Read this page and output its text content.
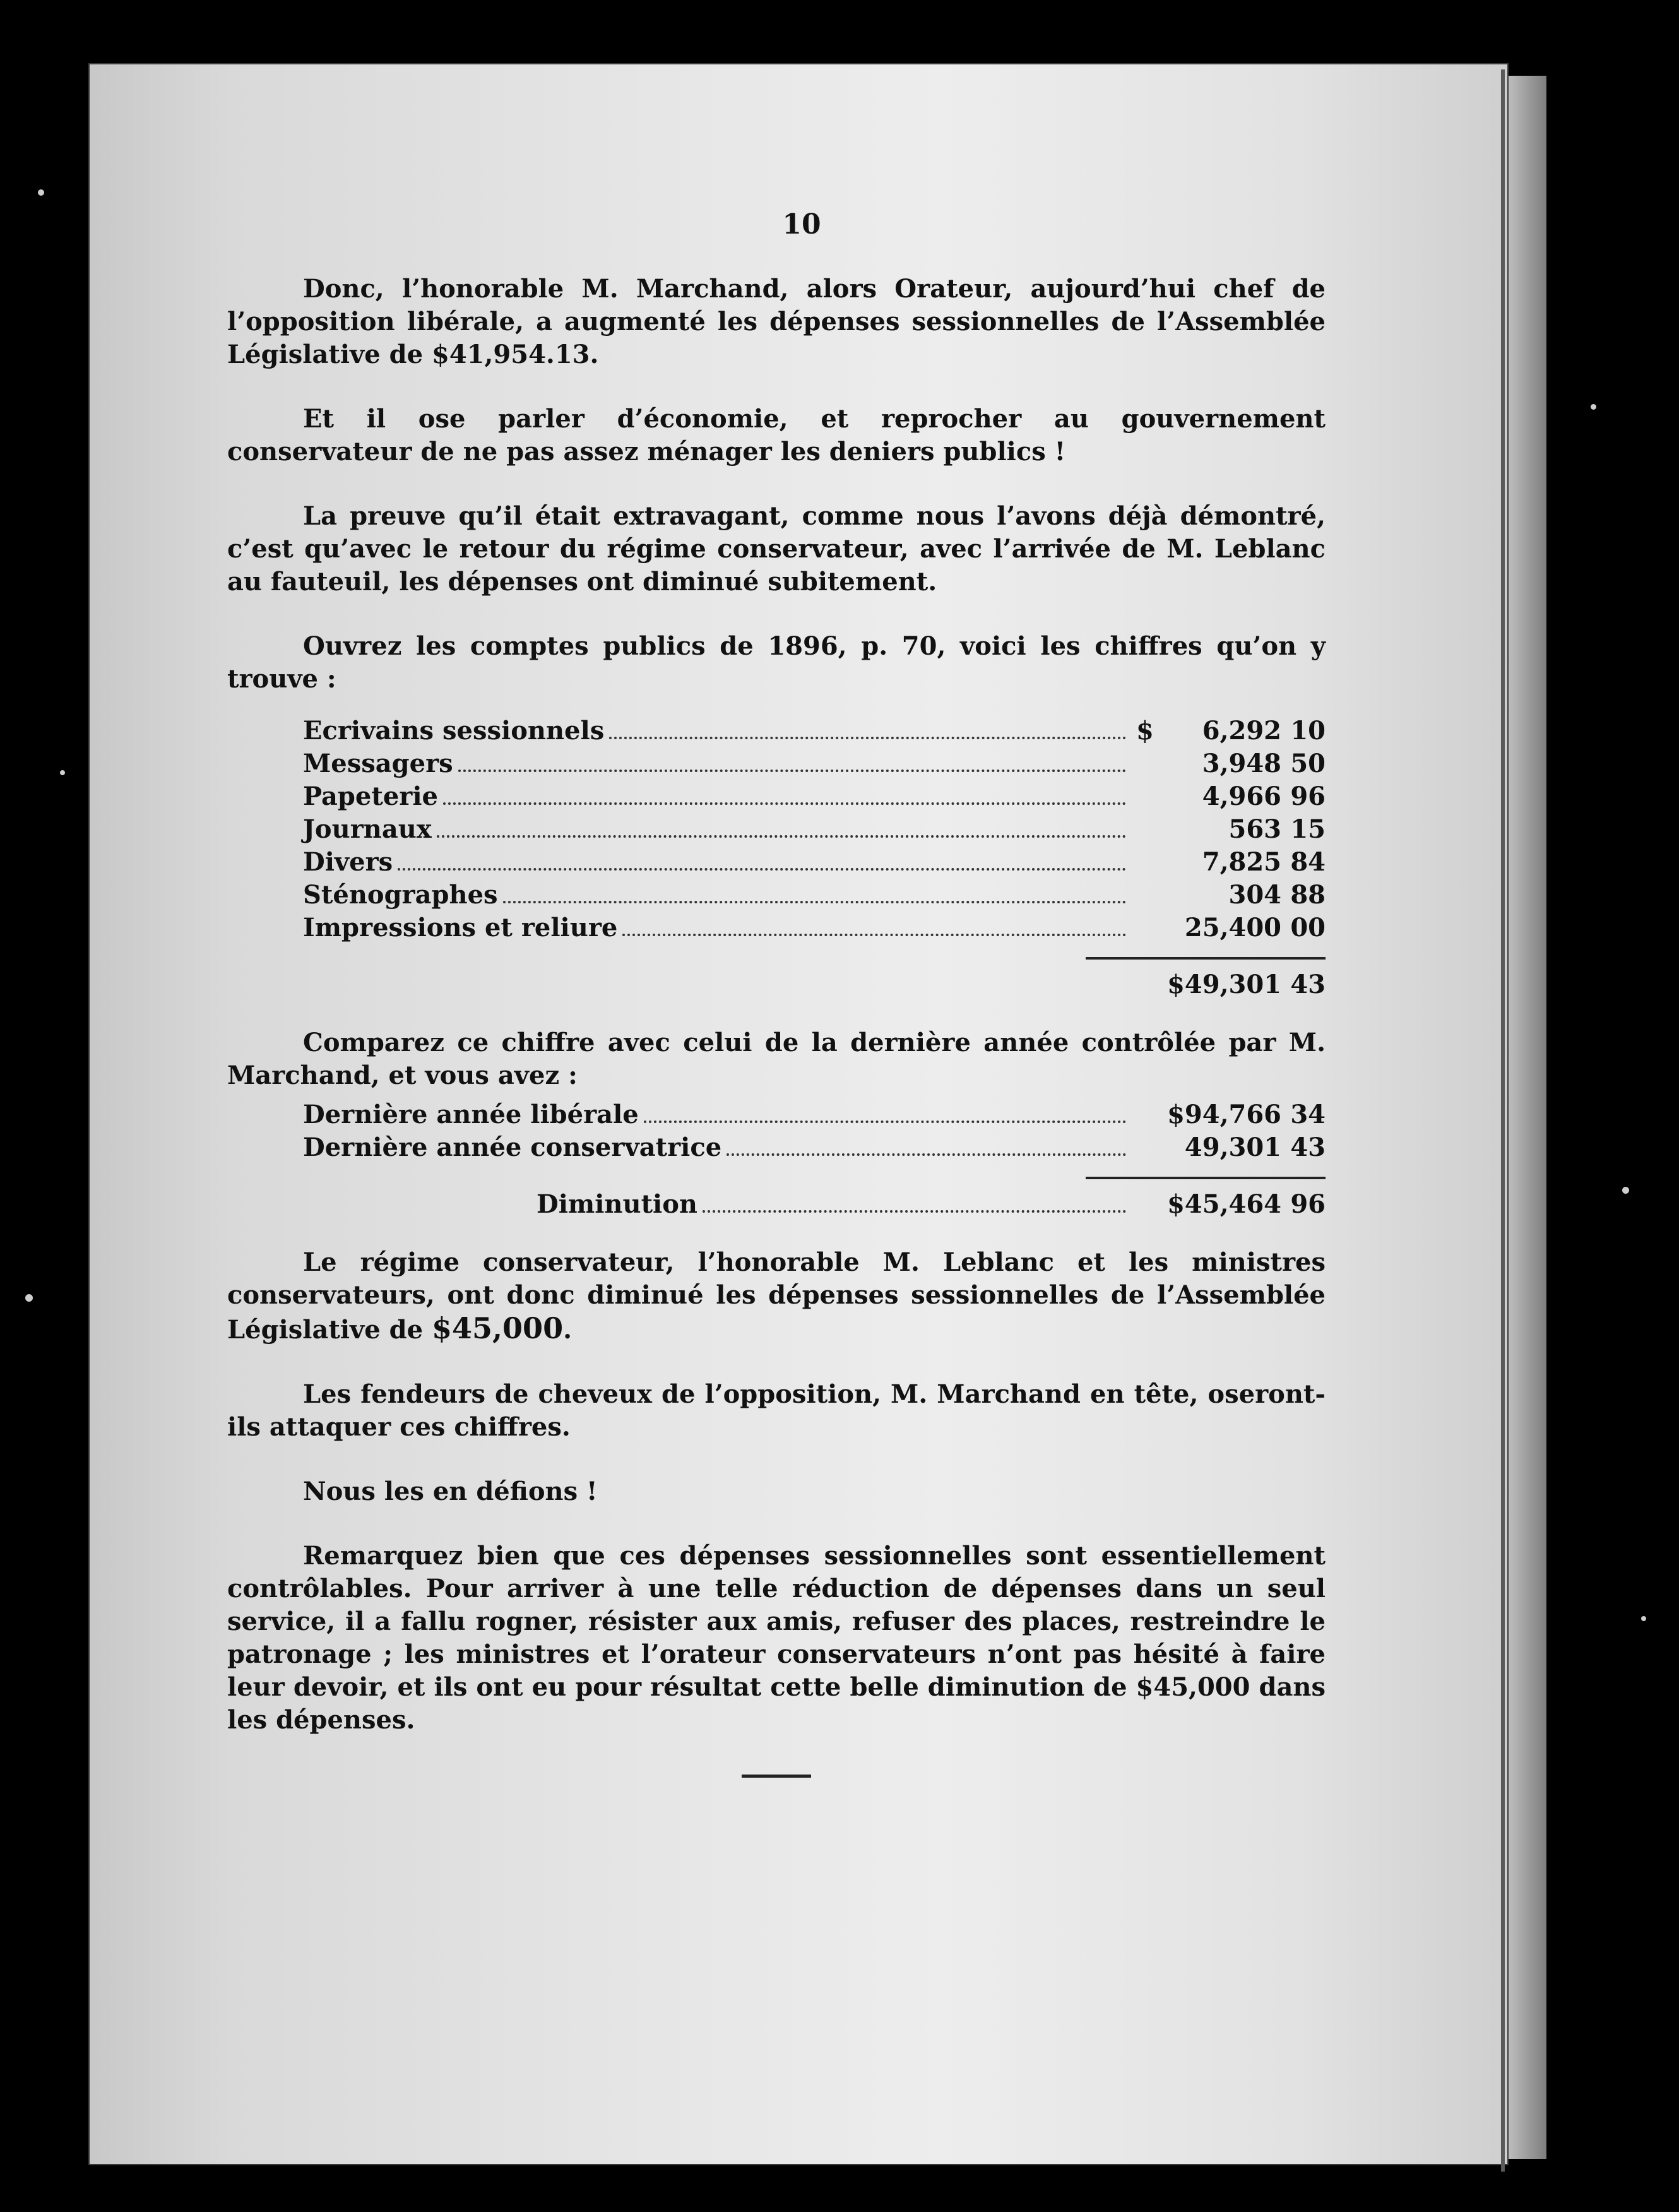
10

Donc, l’honorable M. Marchand, alors Orateur, aujourd’hui chef de l’opposition libérale, a augmenté les dépenses sessionnelles de l’Assemblée Législative de $41,954.13.

Et il ose parler d’économie, et reprocher au gouvernement conservateur de ne pas assez ménager les deniers publics !

La preuve qu’il était extravagant, comme nous l’avons déjà démontré, c’est qu’avec le retour du régime conservateur, avec l’arrivée de M. Leblanc au fauteuil, les dépenses ont diminué subitement.

Ouvrez les comptes publics de 1896, p. 70, voici les chiffres qu’on y trouve :

Ecrivains sessionnels	$	6,292 10
Messagers	3,948 50
Papeterie	4,966 96
Journaux	563 15
Divers	7,825 84
Sténographes	304 88
Impressions et reliure	25,400 00
$49,301 43

Comparez ce chiffre avec celui de la dernière année contrôlée par M. Marchand, et vous avez :

Dernière année libérale	$94,766 34
Dernière année conservatrice	49,301 43
Diminution	$45,464 96

Le régime conservateur, l’honorable M. Leblanc et les ministres conservateurs, ont donc diminué les dépenses sessionnelles de l’Assemblée Législative de $45,000.

Les fendeurs de cheveux de l’opposition, M. Marchand en tête, oseront-ils attaquer ces chiffres.

Nous les en défions !

Remarquez bien que ces dépenses sessionnelles sont essentiellement contrôlables. Pour arriver à une telle réduction de dépenses dans un seul service, il a fallu rogner, résister aux amis, refuser des places, restreindre le patronage ; les ministres et l’orateur conservateurs n’ont pas hésité à faire leur devoir, et ils ont eu pour résultat cette belle diminution de $45,000 dans les dépenses.
